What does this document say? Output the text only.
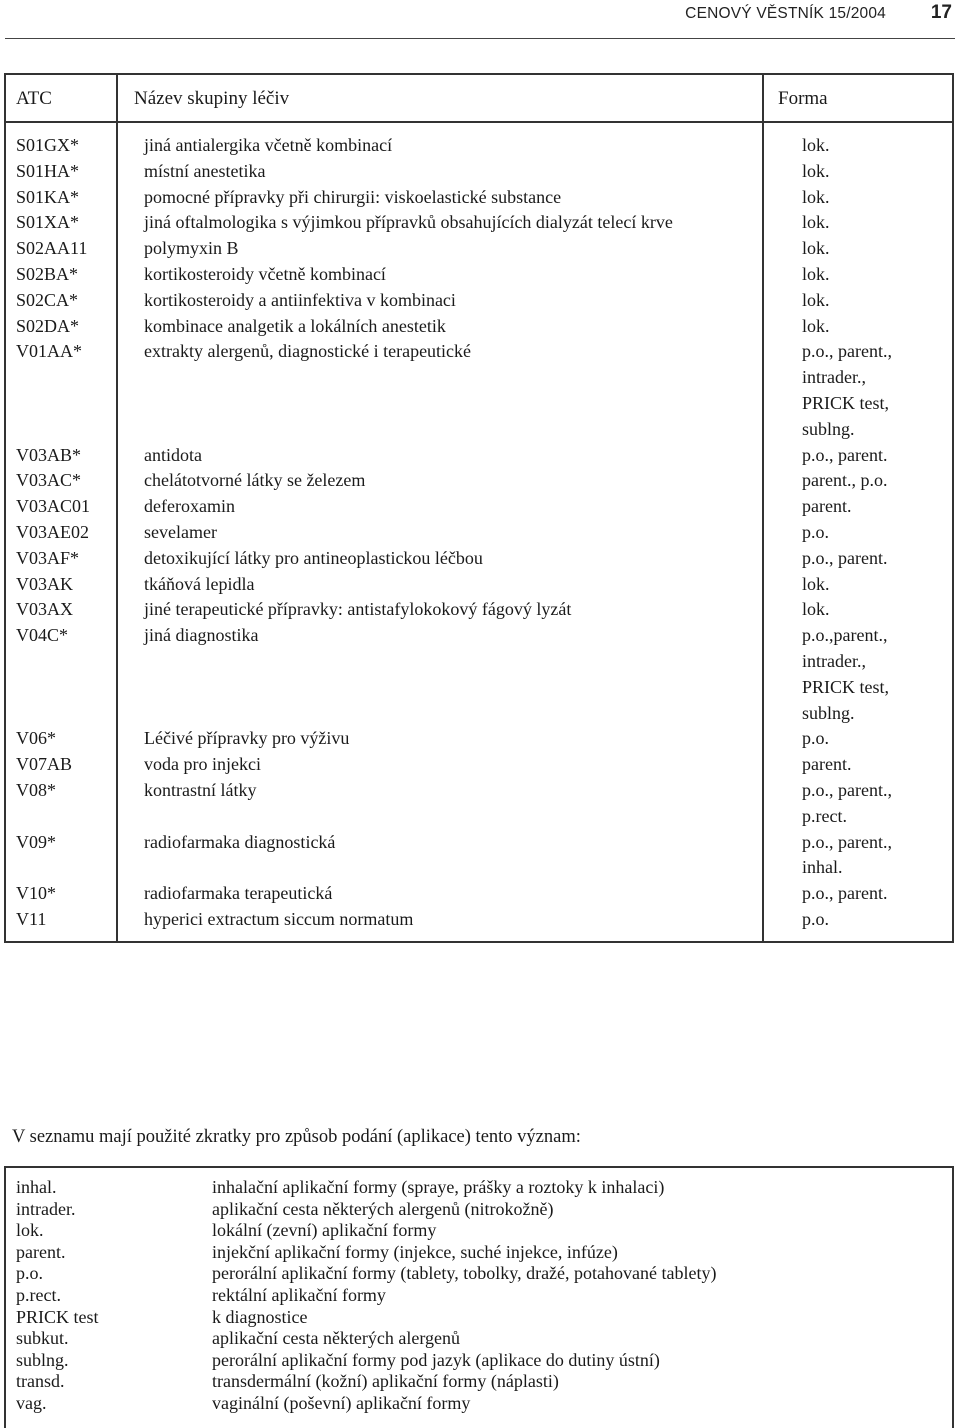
CENOVÝ VĚSTNÍK 15/2004 17
ATC	Název skupiny léčiv	Forma
S01GX*	jiná antialergika včetně kombinací	lok.
S01HA*	místní anestetika	lok.
S01KA*	pomocné přípravky při chirurgii: viskoelastické substance	lok.
S01XA*	jiná oftalmologika s výjimkou přípravků obsahujících dialyzát telecí krve	lok.
S02AA11	polymyxin B	lok.
S02BA*	kortikosteroidy včetně kombinací	lok.
S02CA*	kortikosteroidy a antiinfektiva v kombinaci	lok.
S02DA*	kombinace analgetik a lokálních anestetik	lok.
V01AA*	extrakty alergenů, diagnostické i terapeutické	p.o., parent.,
intrader.,
PRICK test,
sublng.
V03AB*	antidota	p.o., parent.
V03AC*	chelátotvorné látky se železem	parent., p.o.
V03AC01	deferoxamin	parent.
V03AE02	sevelamer	p.o.
V03AF*	detoxikující látky pro antineoplastickou léčbou	p.o., parent.
V03AK	tkáňová lepidla	lok.
V03AX	jiné terapeutické přípravky: antistafylokokový fágový lyzát	lok.
V04C*	jiná diagnostika	p.o.,parent.,
intrader.,
PRICK test,
sublng.
V06*	Léčivé přípravky pro výživu	p.o.
V07AB	voda pro injekci	parent.
V08*	kontrastní látky	p.o., parent.,
p.rect.
V09*	radiofarmaka diagnostická	p.o., parent.,
inhal.
V10*	radiofarmaka terapeutická	p.o., parent.
V11	hyperici extractum siccum normatum	p.o.
V seznamu mají použité zkratky pro způsob podání (aplikace) tento význam:
inhal.	inhalační aplikační formy (spraye, prášky a roztoky k inhalaci)
intrader.	aplikační cesta některých alergenů (nitrokožně)
lok.	lokální (zevní) aplikační formy
parent.	injekční aplikační formy (injekce, suché injekce, infúze)
p.o.	perorální aplikační formy (tablety, tobolky, dražé, potahované tablety)
p.rect.	rektální aplikační formy
PRICK test	k diagnostice
subkut.	aplikační cesta některých alergenů
sublng.	perorální aplikační formy pod jazyk (aplikace do dutiny ústní)
transd.	transdermální (kožní) aplikační formy (náplasti)
vag.	vaginální (poševní) aplikační formy
